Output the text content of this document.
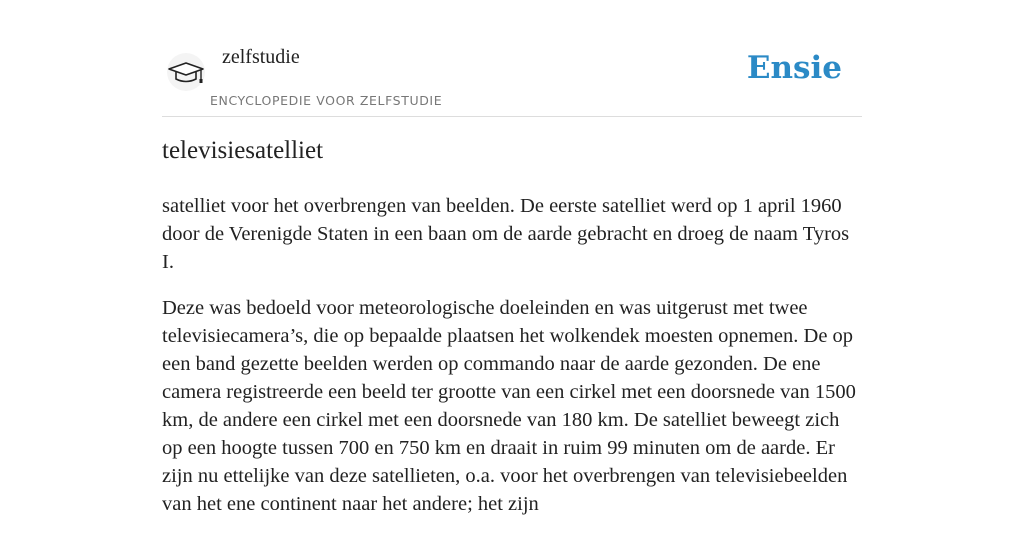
zelfstudie
ENCYCLOPEDIE VOOR ZELFSTUDIE
Ensie
televisiesatelliet

satelliet voor het overbrengen van beelden. De eerste satelliet werd op 1 april 1960 door de Verenigde Staten in een baan om de aarde gebracht en droeg de naam Tyros I.

Deze was bedoeld voor meteorologische doeleinden en was uitgerust met twee televisiecamera’s, die op bepaalde plaatsen het wolkendek moesten opnemen. De op een band gezette beelden werden op commando naar de aarde gezonden. De ene camera registreerde een beeld ter grootte van een cirkel met een doorsnede van 1500 km, de andere een cirkel met een doorsnede van 180 km. De satelliet beweegt zich op een hoogte tussen 700 en 750 km en draait in ruim 99 minuten om de aarde. Er zijn nu ettelijke van deze satellieten, o.a. voor het overbrengen van televisiebeelden van het ene continent naar het andere; het zijn
